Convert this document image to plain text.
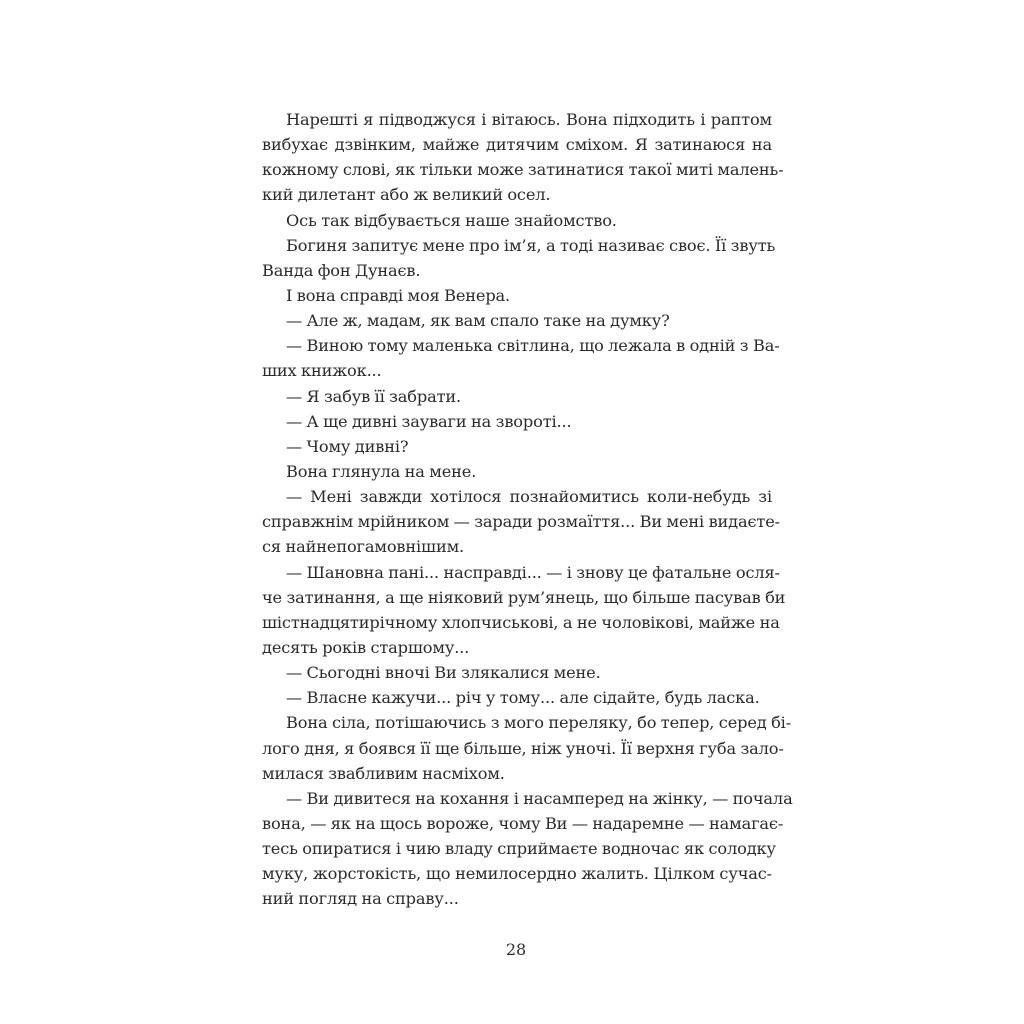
Нарешті я підводжуся і вітаюсь. Вона підходить і раптом
вибухає дзвінким, майже дитячим сміхом. Я затинаюся на
кожному слові, як тільки може затинатися такої миті малень-
кий дилетант або ж великий осел.
Ось так відбувається наше знайомство.
Богиня запитує мене про ім’я, а тоді називає своє. Її звуть
Ванда фон Дунаєв.
І вона справді моя Венера.
— Але ж, мадам, як вам спало таке на думку?
— Виною тому маленька світлина, що лежала в одній з Ва-
ших книжок...
— Я забув її забрати.
— А ще дивні зауваги на звороті...
— Чому дивні?
Вона глянула на мене.
— Мені завжди хотілося познайомитись коли-небудь зі
справжнім мрійником — заради розмаїття... Ви мені видаєте-
ся найнепогамовнішим.
— Шановна пані... насправді... — і знову це фатальне осля-
че затинання, а ще ніяковий рум’янець, що більше пасував би
шістнадцятирічному хлопчиськові, а не чоловікові, майже на
десять років старшому...
— Сьогодні вночі Ви злякалися мене.
— Власне кажучи... річ у тому... але сідайте, будь ласка.
Вона сіла, потішаючись з мого переляку, бо тепер, серед бі-
лого дня, я боявся її ще більше, ніж уночі. Її верхня губа зало-
милася звабливим насміхом.
— Ви дивитеся на кохання і насамперед на жінку, — почала
вона, — як на щось вороже, чому Ви — надаремне — намагає-
тесь опиратися і чию владу сприймаєте водночас як солодку
муку, жорстокість, що немилосердно жалить. Цілком сучас-
ний погляд на справу...
28
